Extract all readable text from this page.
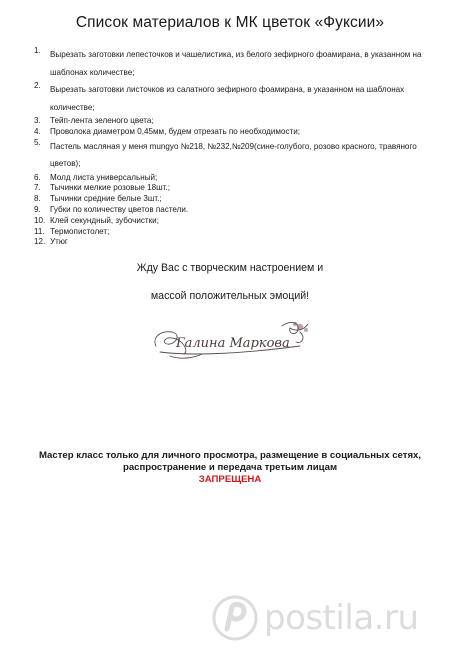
Список материалов к МК цветок «Фуксии»
1.	Вырезать заготовки лепесточков и чашелистика, из белого зефирного фоамирана, в указанном на шаблонах количестве;
2.	Вырезать заготовки листочков из салатного зефирного фоамирана, в указанном на шаблонах количестве;
3.	Тейп-лента зеленого цвета;
4.	Проволока диаметром 0,45мм, будем отрезать по необходимости;
5.	Пастель масляная у меня mungyo №218, №232,№209(сине-голубого, розово красного, травяного цветов);
6.	Молд листа универсальный;
7.	Тычинки мелкие розовые 18шт.;
8.	Тычинки средние белые 3шт.;
9.	Губки по количеству цветов пастели.
10. Клей секундный, зубочистки;
11. Термопистолет;
12. Утюг
Жду Вас с творческим настроением и
массой положительных эмоций!
Галина Маркова
Мастер класс только для личного просмотра, размещение в социальных сетях, распространение и передача третьим лицам
ЗАПРЕЩЕНА
postila.ru
